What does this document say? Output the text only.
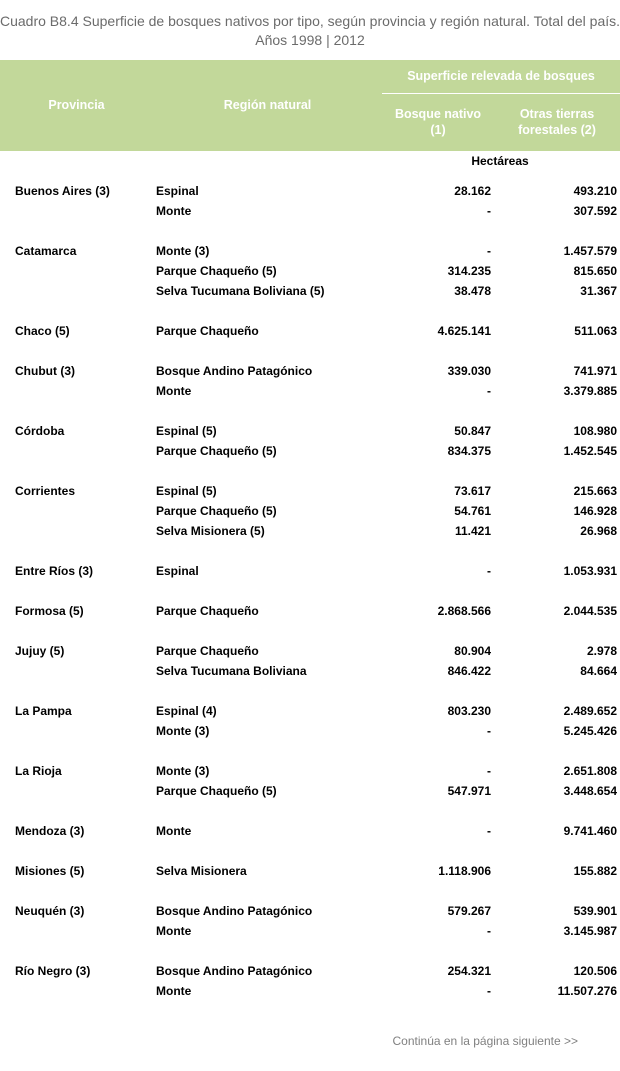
Cuadro B8.4 Superficie de bosques nativos por tipo, según provincia y región natural. Total del país. Años 1998 | 2012
Provincia	Región natural
Superficie relevada de bosques
Bosque nativo
(1)
Otras tierras
forestales (2)
Hectáreas
Buenos Aires (3)	Espinal	28.162	493.210
Monte	-	307.592
Catamarca	Monte (3)	-	1.457.579
Parque Chaqueño (5)	314.235	815.650
Selva Tucumana Boliviana (5)	38.478	31.367
Chaco (5)	Parque Chaqueño	4.625.141	511.063
Chubut (3)	Bosque Andino Patagónico	339.030	741.971
Monte	-	3.379.885
Córdoba	Espinal (5)	50.847	108.980
Parque Chaqueño (5)	834.375	1.452.545
Corrientes	Espinal (5)	73.617	215.663
Parque Chaqueño (5)	54.761	146.928
Selva Misionera (5)	11.421	26.968
Entre Ríos (3)	Espinal	-	1.053.931
Formosa (5)	Parque Chaqueño	2.868.566	2.044.535
Jujuy (5)	Parque Chaqueño	80.904	2.978
Selva Tucumana Boliviana	846.422	84.664
La Pampa	Espinal (4)	803.230	2.489.652
Monte (3)	-	5.245.426
La Rioja	Monte (3)	-	2.651.808
Parque Chaqueño (5)	547.971	3.448.654
Mendoza (3)	Monte	-	9.741.460
Misiones (5)	Selva Misionera	1.118.906	155.882
Neuquén (3)	Bosque Andino Patagónico	579.267	539.901
Monte	-	3.145.987
Río Negro (3)	Bosque Andino Patagónico	254.321	120.506
Monte	-	11.507.276
Continúa en la página siguiente >>
